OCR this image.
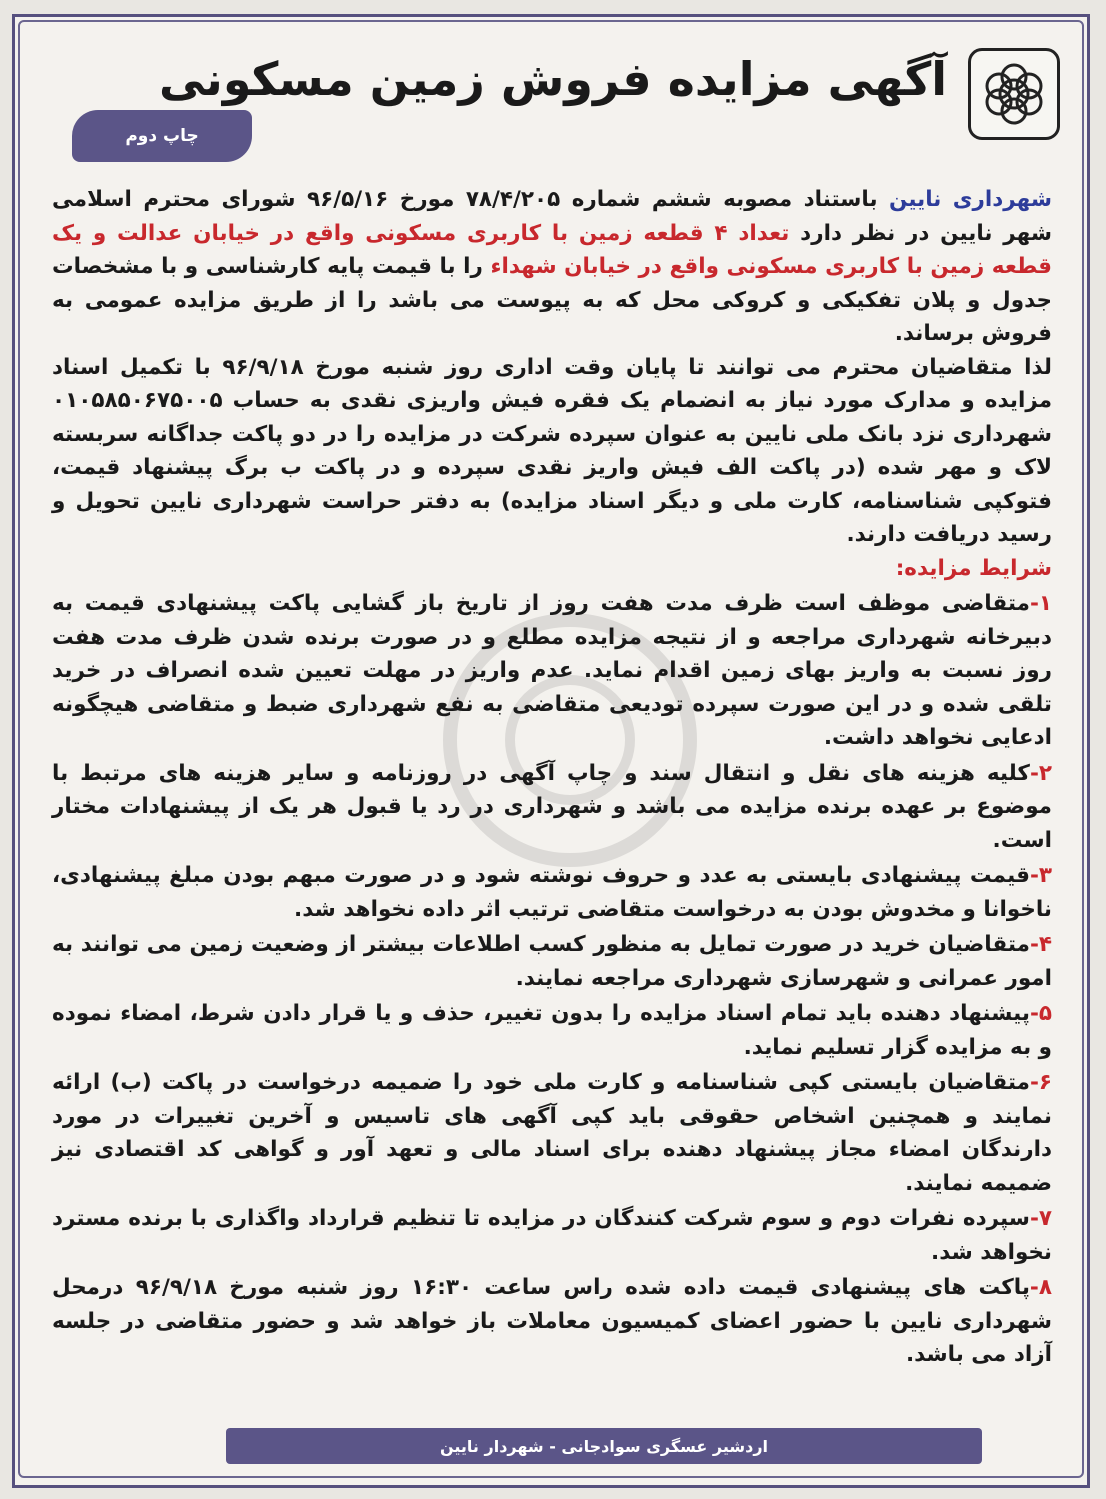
آگهی مزایده فروش زمین مسکونی
چاپ دوم

شهرداری نایین باستناد مصوبه ششم شماره ۷۸/۴/۲۰۵ مورخ ۹۶/۵/۱۶ شورای محترم اسلامی شهر نایین در نظر دارد تعداد ۴ قطعه زمین با کاربری مسکونی واقع در خیابان عدالت و یک قطعه زمین با کاربری مسکونی واقع در خیابان شهداء را با قیمت پایه کارشناسی و با مشخصات جدول و پلان تفکیکی و کروکی محل که به پیوست می باشد را از طریق مزایده عمومی به فروش برساند.

لذا متقاضیان محترم می توانند تا پایان وقت اداری روز شنبه مورخ ۹۶/۹/۱۸ با تکمیل اسناد مزایده و مدارک مورد نیاز به انضمام یک فقره فیش واریزی نقدی به حساب ۰۱۰۵۸۵۰۶۷۵۰۰۵ شهرداری نزد بانک ملی نایین به عنوان سپرده شرکت در مزایده را در دو پاکت جداگانه سربسته لاک و مهر شده (در پاکت الف فیش واریز نقدی سپرده و در پاکت ب برگ پیشنهاد قیمت، فتوکپی شناسنامه، کارت ملی و دیگر اسناد مزایده) به دفتر حراست شهرداری نایین تحویل و رسید دریافت دارند.

شرایط مزایده:

۱-متقاضی موظف است ظرف مدت هفت روز از تاریخ باز گشایی پاکت پیشنهادی قیمت به دبیرخانه شهرداری مراجعه و از نتیجه مزایده مطلع و در صورت برنده شدن ظرف مدت هفت روز نسبت به واریز بهای زمین اقدام نماید. عدم واریز در مهلت تعیین شده انصراف در خرید تلقی شده و در این صورت سپرده تودیعی متقاضی به نفع شهرداری ضبط و متقاضی هیچگونه ادعایی نخواهد داشت.

۲-کلیه هزینه های نقل و انتقال سند و چاپ آگهی در روزنامه و سایر هزینه های مرتبط با موضوع بر عهده برنده مزایده می باشد و شهرداری در رد یا قبول هر یک از پیشنهادات مختار است.

۳-قیمت پیشنهادی بایستی به عدد و حروف نوشته شود و در صورت مبهم بودن مبلغ پیشنهادی، ناخوانا و مخدوش بودن به درخواست متقاضی ترتیب اثر داده نخواهد شد.

۴-متقاضیان خرید در صورت تمایل به منظور کسب اطلاعات بیشتر از وضعیت زمین می توانند به امور عمرانی و شهرسازی شهرداری مراجعه نمایند.

۵-پیشنهاد دهنده باید تمام اسناد مزایده را بدون تغییر، حذف و یا قرار دادن شرط، امضاء نموده و به مزایده گزار تسلیم نماید.

۶-متقاضیان بایستی کپی شناسنامه و کارت ملی خود را ضمیمه درخواست در پاکت (ب) ارائه نمایند و همچنین اشخاص حقوقی باید کپی آگهی های تاسیس و آخرین تغییرات در مورد دارندگان امضاء مجاز پیشنهاد دهنده برای اسناد مالی و تعهد آور و گواهی کد اقتصادی نیز ضمیمه نمایند.

۷-سپرده نفرات دوم و سوم شرکت کنندگان در مزایده تا تنظیم قرارداد واگذاری با برنده مسترد نخواهد شد.

۸-پاکت های پیشنهادی قیمت داده شده راس ساعت ۱۶:۳۰ روز شنبه مورخ ۹۶/۹/۱۸ درمحل شهرداری نایین با حضور اعضای کمیسیون معاملات باز خواهد شد و حضور متقاضی در جلسه آزاد می باشد.

اردشیر عسگری سوادجانی - شهردار نایین
